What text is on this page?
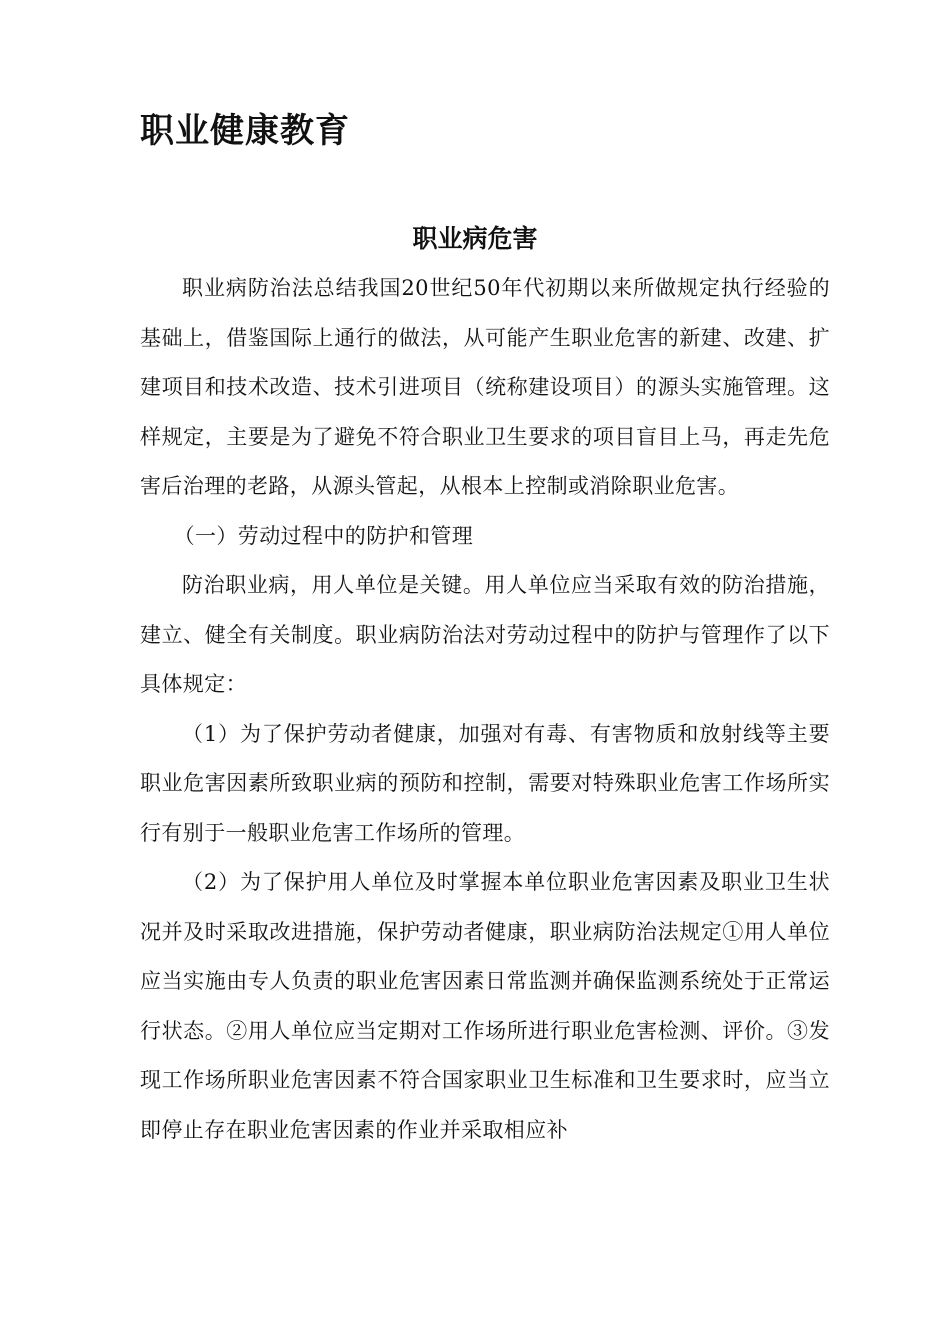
职业健康教育
职业病危害

职业病防治法总结我国20世纪50年代初期以来所做规定执行经验的基础上，借鉴国际上通行的做法，从可能产生职业危害的新建、改建、扩建项目和技术改造、技术引进项目（统称建设项目）的源头实施管理。这样规定，主要是为了避免不符合职业卫生要求的项目盲目上马，再走先危害后治理的老路，从源头管起，从根本上控制或消除职业危害。

（一）劳动过程中的防护和管理

防治职业病，用人单位是关键。用人单位应当采取有效的防治措施，建立、健全有关制度。职业病防治法对劳动过程中的防护与管理作了以下具体规定：

（1）为了保护劳动者健康，加强对有毒、有害物质和放射线等主要职业危害因素所致职业病的预防和控制，需要对特殊职业危害工作场所实行有别于一般职业危害工作场所的管理。

（2）为了保护用人单位及时掌握本单位职业危害因素及职业卫生状况并及时采取改进措施，保护劳动者健康，职业病防治法规定①用人单位应当实施由专人负责的职业危害因素日常监测并确保监测系统处于正常运行状态。②用人单位应当定期对工作场所进行职业危害检测、评价。③发现工作场所职业危害因素不符合国家职业卫生标准和卫生要求时，应当立即停止存在职业危害因素的作业并采取相应补
